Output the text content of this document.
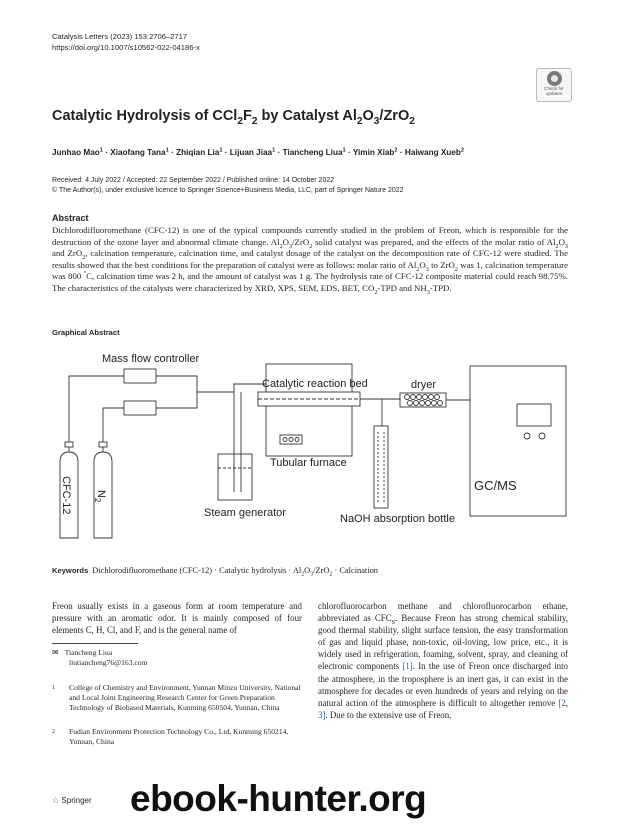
Catalysis Letters (2023) 153:2706–2717
https://doi.org/10.1007/s10562-022-04186-x
Check for
updates
Catalytic Hydrolysis of $CCl_2F_2$ by Catalyst $Al_2O_3/ZrO_2$
Junhao Mao$^1$ · Xiaofang Tana$^1$ · Zhiqian Lia$^1$ · Lijuan Jiaa$^1$ · Tiancheng Liua$^1$ · Yimin Xiab$^2$ · Haiwang Xueb$^2$
Received: 4 July 2022 / Accepted: 22 September 2022 / Published online: 14 October 2022
© The Author(s), under exclusive licence to Springer Science+Business Media, LLC, part of Springer Nature 2022
Abstract
Dichlorodifluoromethane (CFC-12) is one of the typical compounds currently studied in the problem of Freon, which is responsible for the destruction of the ozone layer and abnormal climate change. $Al_2O_3/ZrO_2$ solid catalyst was prepared, and the effects of the molar ratio of $Al_2O_3$ and ZrO$_2$, calcination temperature, calcination time, and catalyst dosage of the catalyst on the decomposition rate of CFC-12 were studied. The results showed that the best conditions for the preparation of catalyst were as follows: molar ratio of $Al_2O_3$ to ZrO$_2$ was 1, calcination temperature was 800 °C, calcination time was 2 h, and the amount of catalyst was 1 g. The hydrolysis rate of CFC-12 composite material could reach 98.75%. The characteristics of the catalysts were characterized by XRD, XPS, SEM, EDS, BET, $CO_2$-TPD and $NH_3$-TPD.
Graphical Abstract
CFC-12 $N_2$
Mass flow controller
Steam generator
Catalytic reaction bed
Tubular furnace
NaOH absorption bottle
dryer
GC/MS
Keywords Dichlorodifluoromethane (CFC-12) · Catalytic hydrolysis · $Al_2O_3/ZrO_2$ · Calcination
Freon usually exists in a gaseous form at room temperature and pressure with an aromatic odor. It is mainly composed of four elements C, H, Cl, and F, and is the general name of
✉ Tiancheng Liua
liutiancheng76@163.com
1 College of Chemistry and Environment, Yunnan Minzu University, National and Local Joint Engineering Research Center for Green Preparation Technology of Biobased Materials, Kunming 650504, Yunnan, China
2 Fudian Environment Protection Technology Co., Ltd, Kunming 650214, Yunnan, China
chlorofluorocarbon methane and chlorofluorocarbon ethane, abbreviated as $CFC_S$. Because Freon has strong chemical stability, good thermal stability, slight surface tension, the easy transformation of gas and liquid phase, non-toxic, oil-loving, low price, etc., it is widely used in refrigeration, foaming, solvent, spray, and cleaning of electronic components [1]. In the use of Freon once discharged into the atmosphere, in the troposphere is an inert gas, it can exist in the atmosphere for decades or even hundreds of years and relying on the natural action of the atmosphere is difficult to altogether remove [2, 3]. Due to the extensive use of Freon,
♘ Springer ebook-hunter.org
